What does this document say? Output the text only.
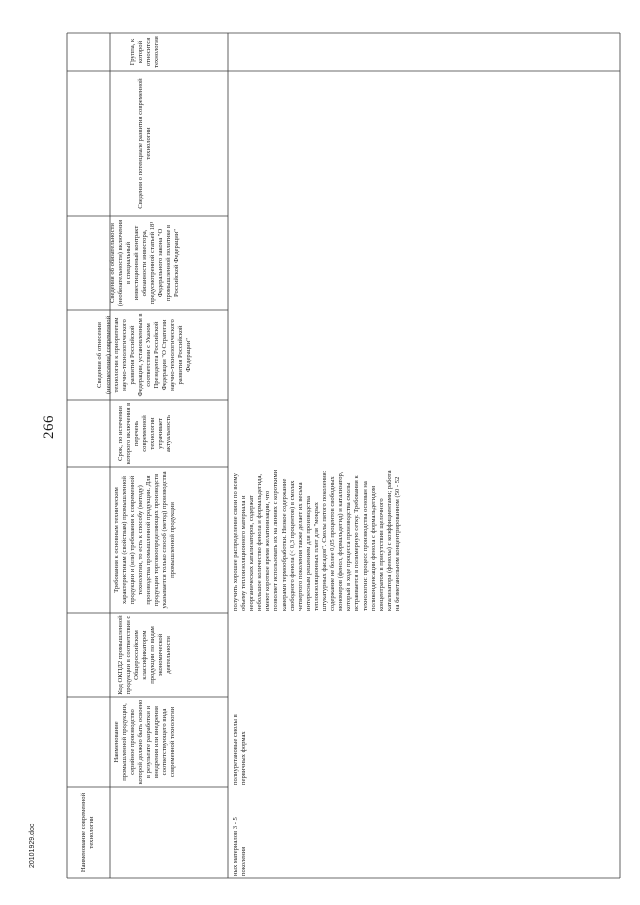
Наименование современной технологии
Наименование промышленной продукции, серийное производство которой должно быть освоено в результате разработки и внедрения или внедрения соответствующего вида современной технологии
Код ОКПД2 промышленной продукции в соответствии с Общероссийским классификатором продукции по видам экономической деятельности
Требования к основным техническим характеристикам (свойствам) промышленной продукции и (или) требования к современной технологии, то есть к способу (методу) производства промышленной продукции. Для продукции торговоопределяющих производств указывается только способ (метод) производства промышленной продукции
Срок, по истечении которого включения в перечень современной технологии утрачивает актуальность
Сведения об отнесении (неотнесении) современной технологии к приоритетам научно-технологического развития Российской Федерации, установленным в соответствии с Указом Президента Российской Федерации "О Стратегии научно-технологического развития Российской Федерации"
Сведения об обязательности (необязательности) включения в специальный инвестиционный контракт обязанности инвестора, предусмотренной статьей 18¹ Федерального закона "О промышленной политике в Российской Федерации"
Сведения о потенциале развития современной технологии
Группа, к которой относится технология
ных материалов 3 - 5 поколения
полиуретановые смолы в первичных формах
получить хорошее распределение связи по всему объему теплоизоляционного материала и неорганических катализаторов, содержат небольшое количество фенола и формальдегида, имеют короткое время желатинизации, что позволяет использовать их на линиях с короткими камерами термообработки. Низкое содержание свободного фенола (< 0,3 процентов) в смолах четвертого поколения также делает их весьма интересным решением для производства теплоизоляционных плит для "мокрых штукатурных фасадов". Смолы пятого поколения: содержание не более 0,05 процентов свободных мономеров (фенол, формальдегид) и катализатор, который в ходе процесса производства смолы встраивается в полимерную сетку. Требования к технологии: процесс производства основан на поликонденсации фенола с формальдегидом концентратом в присутствии щелочного катализатора (фенолы) с коэффициентами; работа на безметанольном концентрированном (50 - 52
266
20101929.doc
